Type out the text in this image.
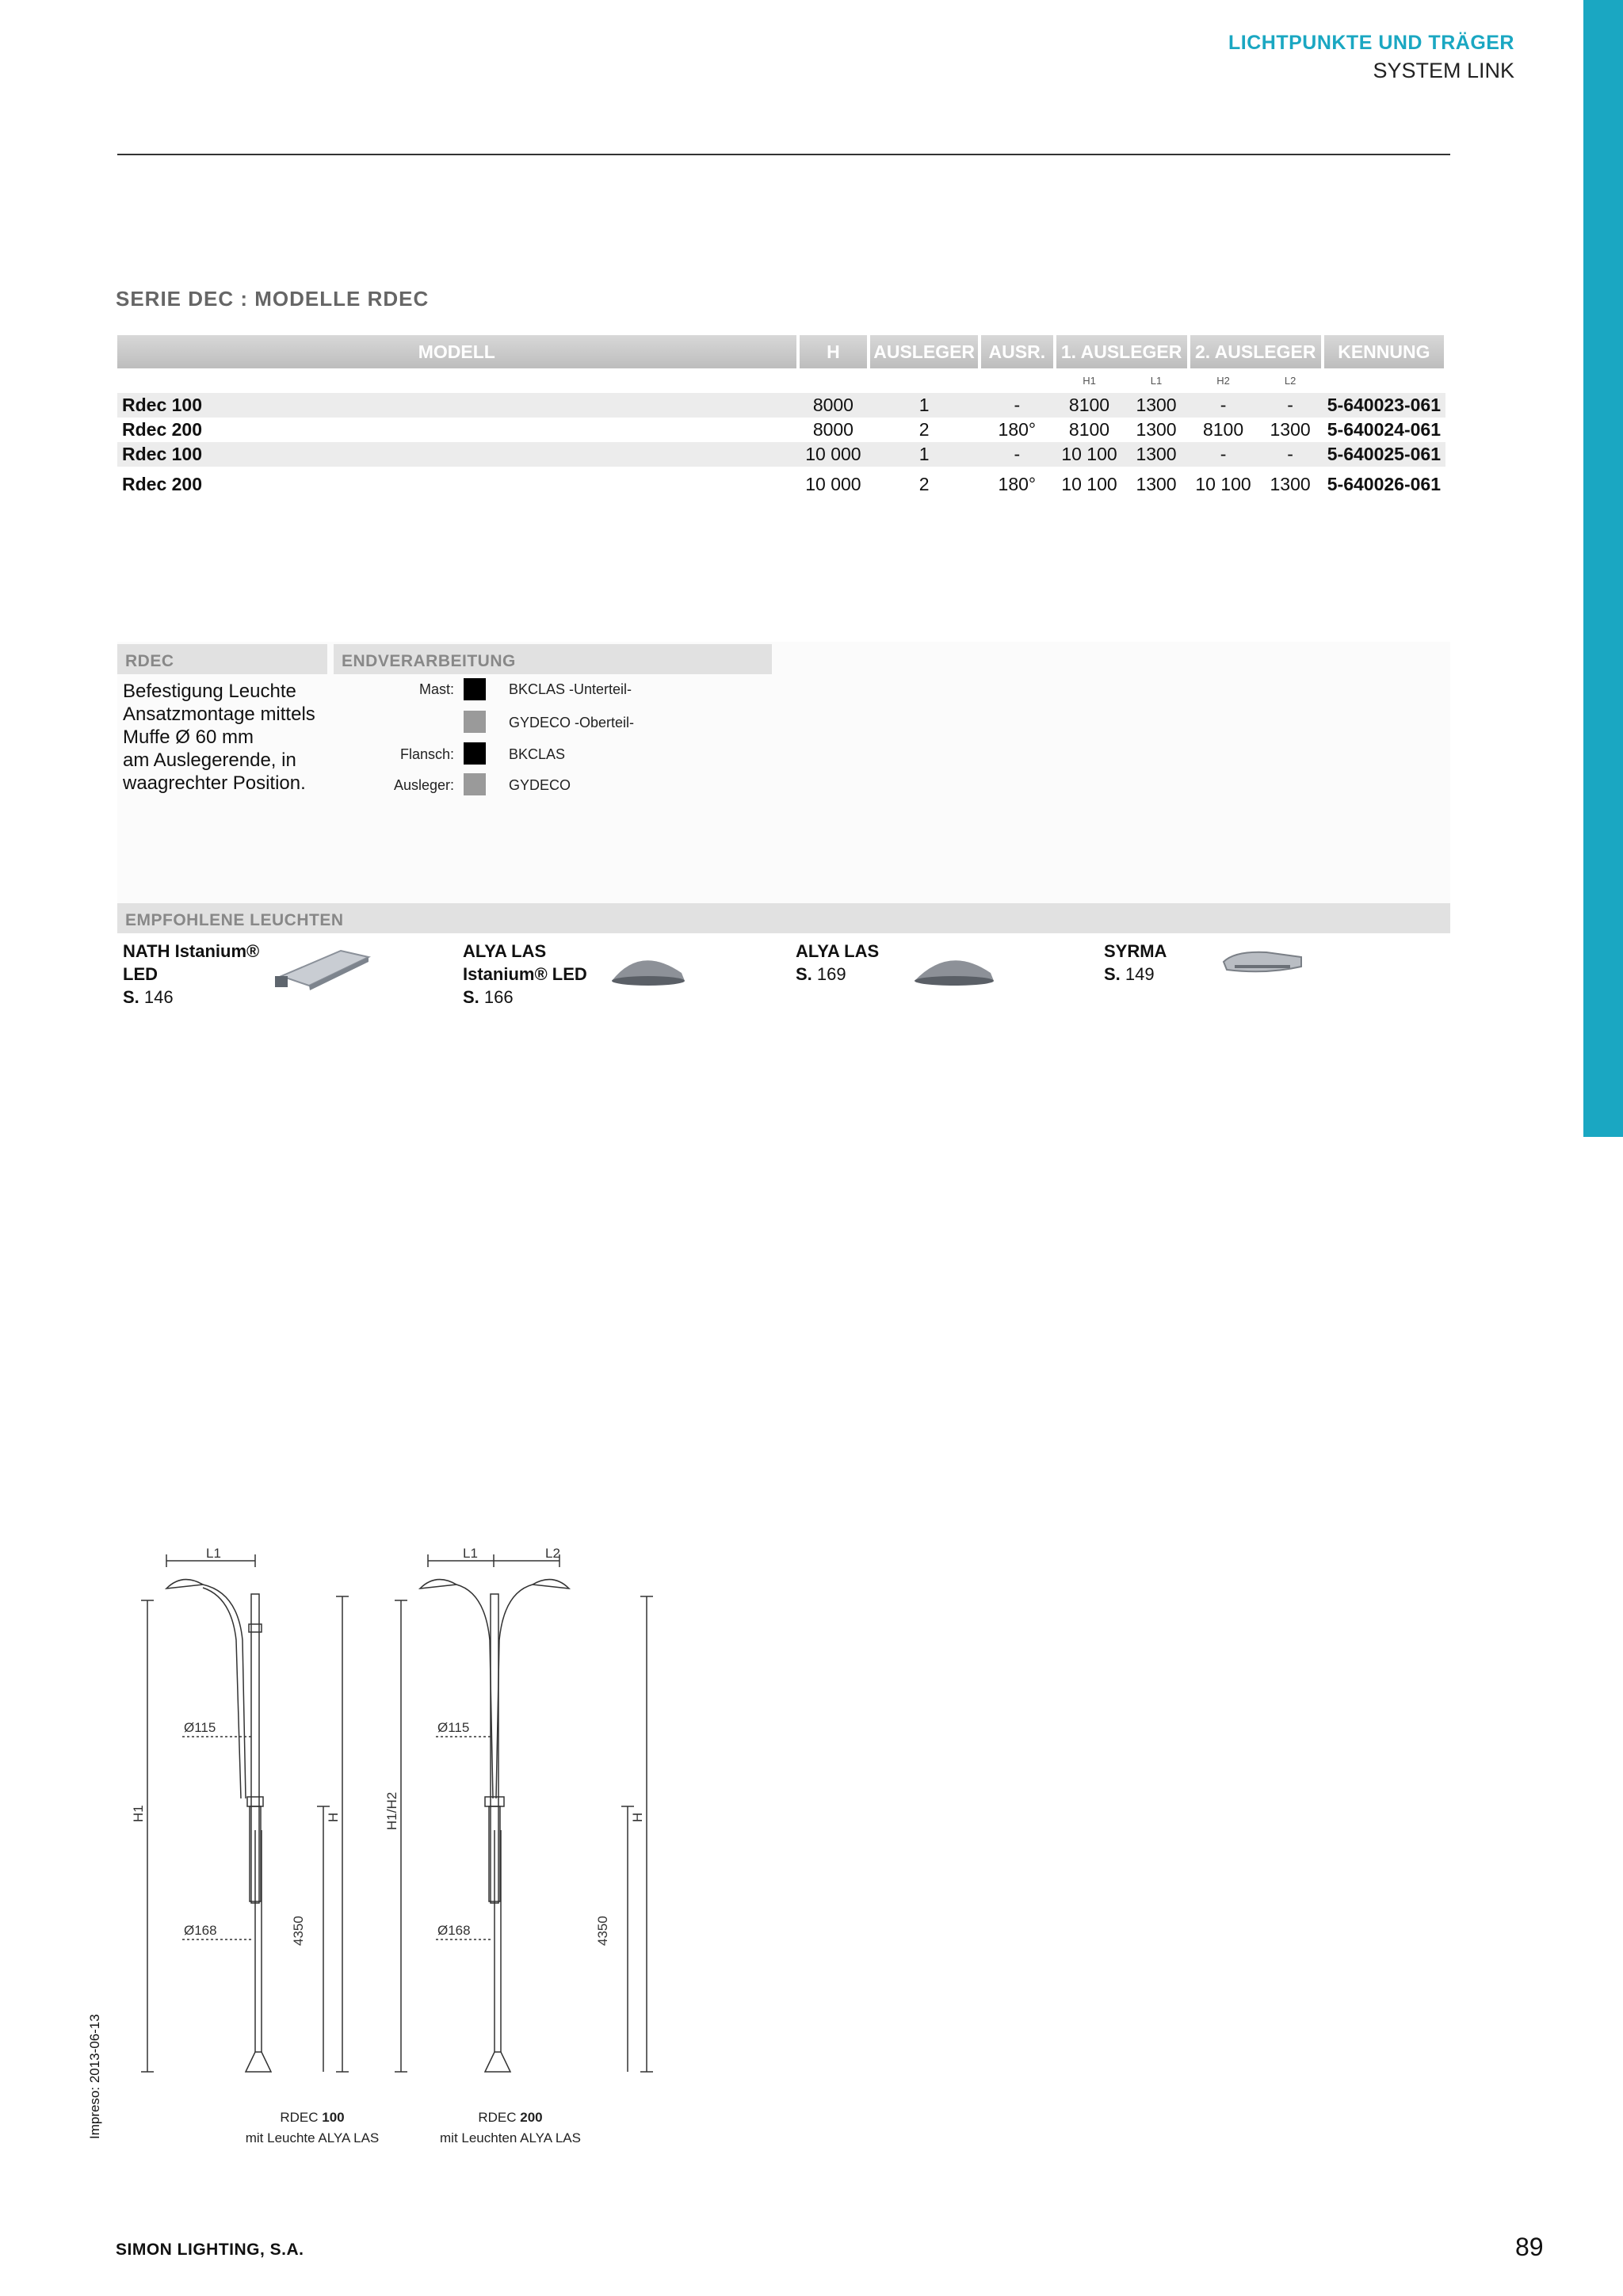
LICHTPUNKTE UND TRÄGER
SYSTEM LINK
SERIE DEC : MODELLE RDEC
MODELL	H	AUSLEGER	AUSR.	1. AUSLEGER		2. AUSLEGER		KENNUNG
				H1	L1	H2	L2	
Rdec 100	8000	1	-	8100	1300	-	-	5-640023-061
Rdec 200	8000	2	180°	8100	1300	8100	1300	5-640024-061
Rdec 100	10 000	1	-	10 100	1300	-	-	5-640025-061
Rdec 200	10 000	2	180°	10 100	1300	10 100	1300	5-640026-061
RDEC	ENDVERARBEITUNG
Befestigung Leuchte
Ansatzmontage mittels
Muffe Ø 60 mm
am Auslegerende, in
waagrechter Position.
Mast:	BKCLAS -Unterteil-
GYDECO -Oberteil-
Flansch:	BKCLAS
Ausleger:	GYDECO
EMPFOHLENE LEUCHTEN
NATH Istanium®
LED
S. 146
ALYA LAS
Istanium® LED
S. 166
ALYA LAS
S. 169
SYRMA
S. 149
L1
Ø115
Ø168
H1	H
4350
L1	L2
Ø115
Ø168
H1/H2	H
4350
RDEC 100
mit Leuchte ALYA LAS
RDEC 200
mit Leuchten ALYA LAS
Impreso: 2013-06-13
SIMON LIGHTING, S.A.	89
